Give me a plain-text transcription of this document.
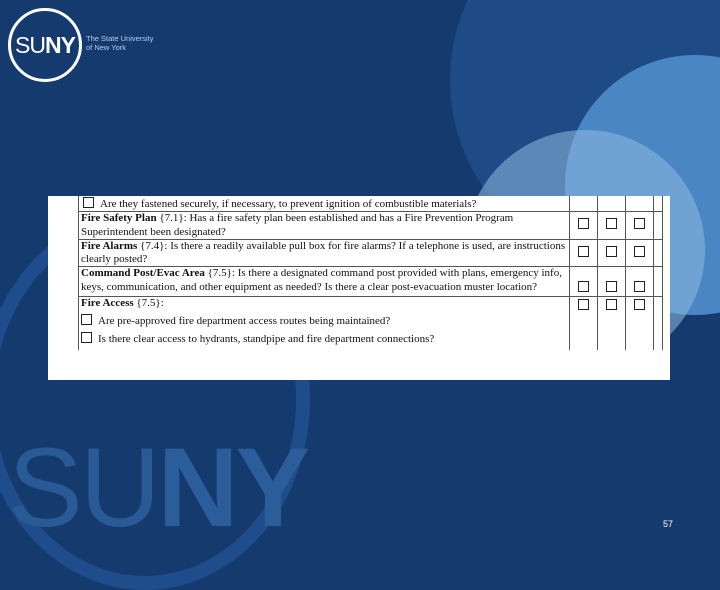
SU NY The State University
of New York
SUNY
Are they fastened securely, if necessary, to prevent ignition of combustible materials?				
Fire Safety Plan {7.1}: Has a fire safety plan been established and has a Fire Prevention Program Superintendent been designated?				
Fire Alarms {7.4}: Is there a readily available pull box for fire alarms? If a telephone is used, are instructions clearly posted?				
Command Post/Evac Area {7.5}: Is there a designated command post provided with plans, emergency info, keys, communication, and other equipment as needed? Is there a clear post-evacuation muster location?				

Fire Access {7.5}:
Are pre-approved fire department access routes being maintained?
Is there clear access to hydrants, standpipe and fire department connections?				

57
